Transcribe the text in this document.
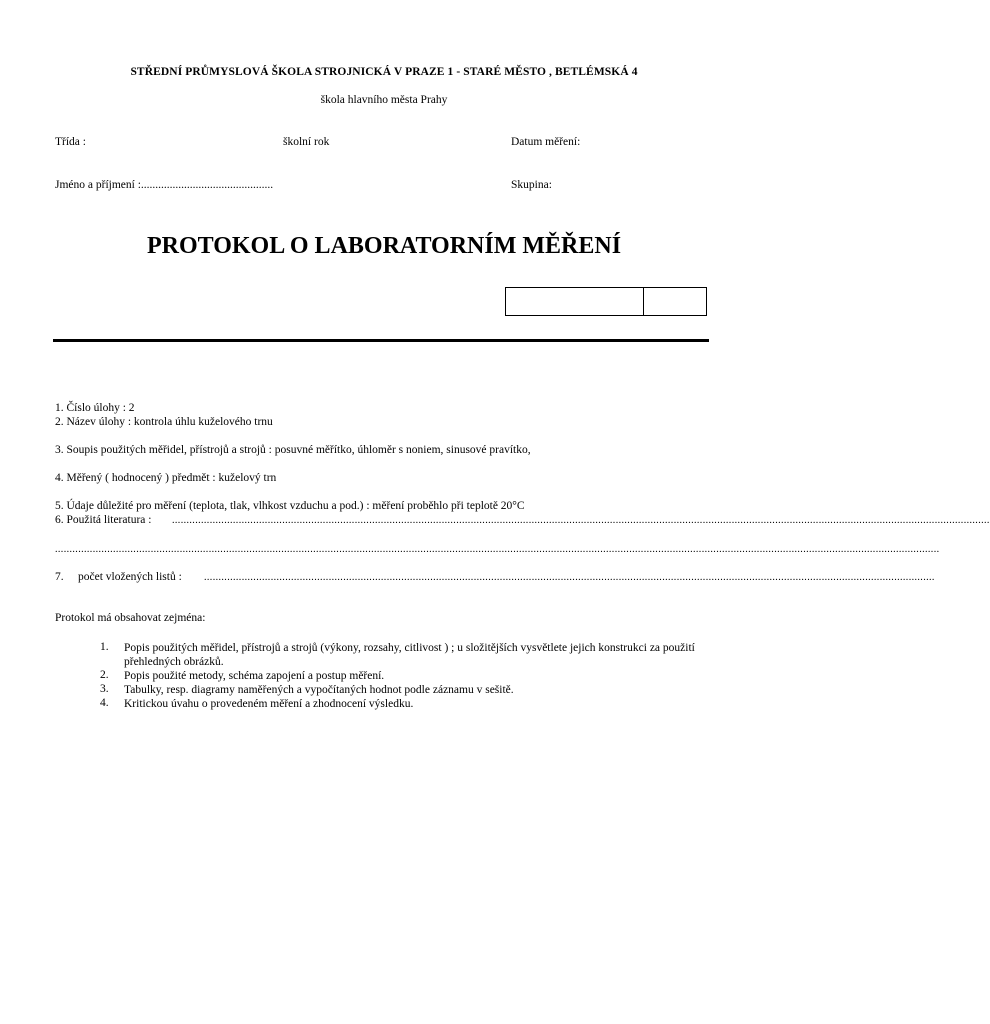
STŘEDNÍ PRŮMYSLOVÁ ŠKOLA STROJNICKÁ V PRAZE 1 - STARÉ MĚSTO , BETLÉMSKÁ 4
škola hlavního města Prahy
Třída :	školní rok	Datum měření:
Jméno a příjmení :..............................................	Skupina:
PROTOKOL O LABORATORNÍM MĚŘENÍ
1. Číslo úlohy : 2
2. Název úlohy : kontrola úhlu kuželového trnu
3. Soupis použitých měřidel, přístrojů a strojů : posuvné měřítko, úhloměr s noniem, sinusové pravítko,
4. Měřený ( hodnocený ) předmět : kuželový trn
5. Údaje důležité pro měření (teplota, tlak, vlhkost vzduchu a pod.) : měření proběhlo při teplotě 20°C
6. Použitá literatura : ..........................................................................................................................................................................................................................................................................................
.................................................................................................................................................................................................................................................................................................................
7. počet vložených listů : ............................................................................................................................................................................................................................................................
Protokol má obsahovat zejména:
1. Popis použitých měřidel, přístrojů a strojů (výkony, rozsahy, citlivost ) ; u složitějších vysvětlete jejich konstrukci za použití přehledných obrázků.
2. Popis použité metody, schéma zapojení a postup měření.
3. Tabulky, resp. diagramy naměřených a vypočítaných hodnot podle záznamu v sešitě.
4. Kritickou úvahu o provedeném měření a zhodnocení výsledku.
